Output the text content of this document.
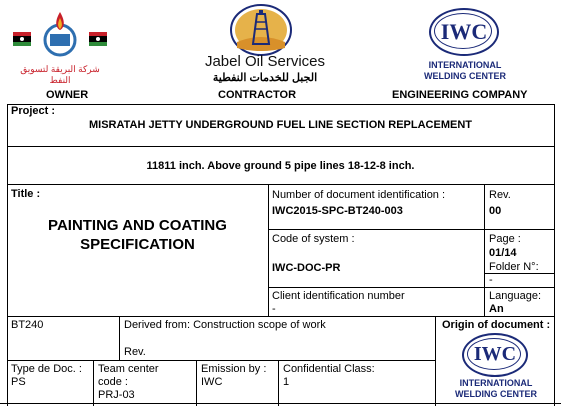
شركة البريقة لتسويق النفط
Jabel Oil Services
الجبل للخدمات النفطية
IWC
INTERNATIONAL
WELDING CENTER
OWNER	CONTRACTOR	ENGINEERING COMPANY
Project :
MISRATAH JETTY UNDERGROUND FUEL LINE SECTION REPLACEMENT
11811 inch. Above ground 5 pipe lines 18-12-8 inch.
Title :
PAINTING AND COATING
SPECIFICATION
Number of document identification :
IWC2015-SPC-BT240-003
Rev.
00
Code of system :
IWC-DOC-PR
Page :
01/14
Folder N°:
-
Client identification number
-
Language:
An
BT240	Derived from: Construction scope of work
Rev.
Origin of document :
Type de Doc. :
PS
Team center
code :
PRJ-03
Emission by :
IWC
Confidential Class:
1
IWC
INTERNATIONAL
WELDING CENTER
